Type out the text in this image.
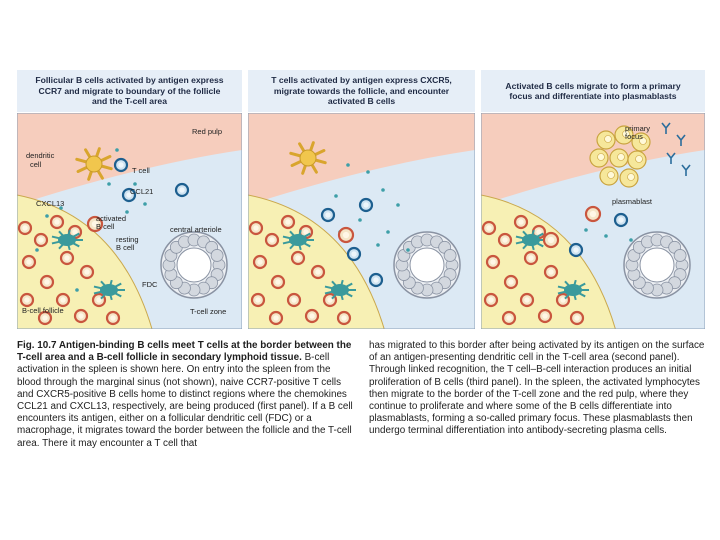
Follicular B cells activated by antigen express
CCR7 and migrate to boundary of the follicle
and the T-cell area
T cells activated by antigen express CXCR5,
migrate towards the follicle, and encounter
activated B cells
Activated B cells migrate to form a primary
focus and differentiate into plasmablasts
Red pulp
dendritic cell
T cell
CCL21
CXCL13
activated B cell	central arteriole
resting B cell
FDC
B-cell follicle	T-cell zone
primary focus
plasmablast
Fig. 10.7 Antigen-binding B cells meet T cells at the border between the T-cell area and a B-cell follicle in secondary lymphoid tissue. B-cell activation in the spleen is shown here. On entry into the spleen from the blood through the marginal sinus (not shown), naive CCR7-positive T cells and CXCR5-positive B cells home to distinct regions where the chemokines CCL21 and CXCL13, respectively, are being produced (first panel). If a B cell encounters its antigen, either on a follicular dendritic cell (FDC) or a macrophage, it migrates toward the border between the follicle and the T-cell area. There it may encounter a T cell that
has migrated to this border after being activated by its antigen on the surface of an antigen-presenting dendritic cell in the T-cell area (second panel). Through linked recognition, the T cell–B-cell interaction produces an initial proliferation of B cells (third panel). In the spleen, the activated lymphocytes then migrate to the border of the T-cell zone and the red pulp, where they continue to proliferate and where some of the B cells differentiate into plasmablasts, forming a so-called primary focus. These plasmablasts then undergo terminal differentiation into antibody-secreting plasma cells.
